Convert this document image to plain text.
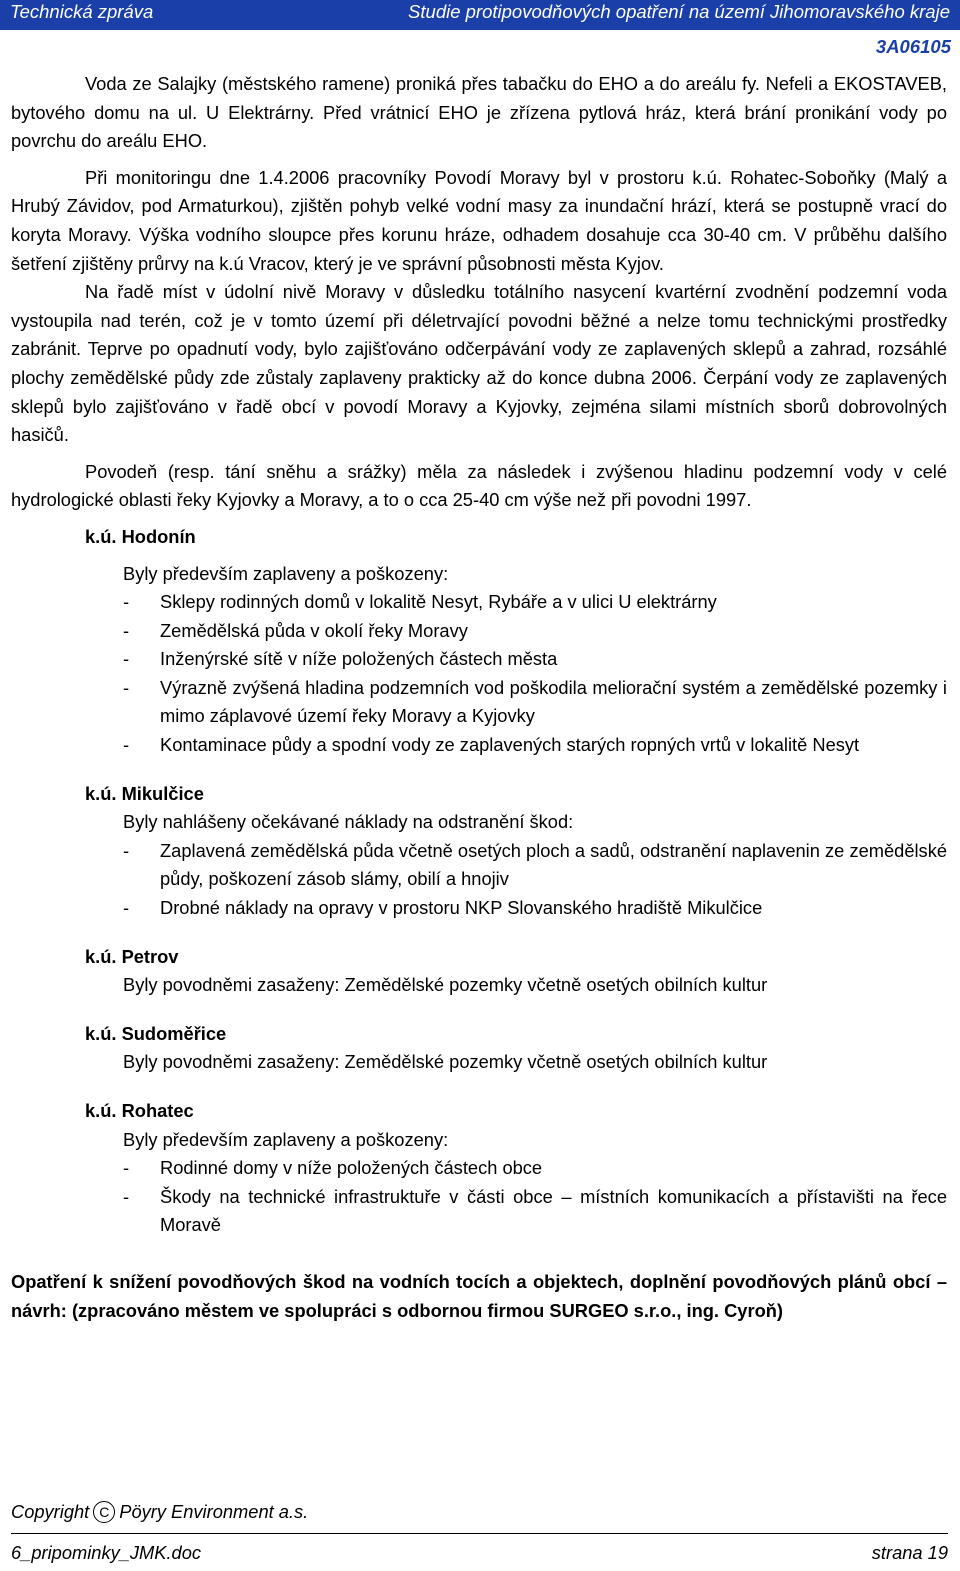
Technická zpráva	Studie protipovodňových opatření na území Jihomoravského kraje
3A06105

Voda ze Salajky (městského ramene) proniká přes tabačku do EHO a do areálu fy. Nefeli a EKOSTAVEB, bytového domu na ul. U Elektrárny. Před vrátnicí EHO je zřízena pytlová hráz, která brání pronikání vody po povrchu do areálu EHO.

Při monitoringu dne 1.4.2006 pracovníky Povodí Moravy byl v prostoru k.ú. Rohatec-Soboňky (Malý a Hrubý Závidov, pod Armaturkou), zjištěn pohyb velké vodní masy za inundační hrází, která se postupně vrací do koryta Moravy. Výška vodního sloupce přes korunu hráze, odhadem dosahuje cca 30-40 cm. V průběhu dalšího šetření zjištěny průrvy na k.ú Vracov, který je ve správní působnosti města Kyjov.

Na řadě míst v údolní nivě Moravy v důsledku totálního nasycení kvartérní zvodnění podzemní voda vystoupila nad terén, což je v tomto území při déletrvající povodni běžné a nelze tomu technickými prostředky zabránit. Teprve po opadnutí vody, bylo zajišťováno odčerpávání vody ze zaplavených sklepů a zahrad, rozsáhlé plochy zemědělské půdy zde zůstaly zaplaveny prakticky až do konce dubna 2006. Čerpání vody ze zaplavených sklepů bylo zajišťováno v řadě obcí v povodí Moravy a Kyjovky, zejména silami místních sborů dobrovolných hasičů.

Povodeň (resp. tání sněhu a srážky) měla za následek i zvýšenou hladinu podzemní vody v celé hydrologické oblasti řeky Kyjovky a Moravy, a to o cca 25-40 cm výše než při povodni 1997.

k.ú. Hodonín

Byly především zaplaveny a poškozeny:

- Sklepy rodinných domů v lokalitě Nesyt, Rybáře a v ulici U elektrárny
- Zemědělská půda v okolí řeky Moravy
- Inženýrské sítě v níže položených částech města
- Výrazně zvýšená hladina podzemních vod poškodila meliorační systém a zemědělské pozemky i mimo záplavové území řeky Moravy a Kyjovky
- Kontaminace půdy a spodní vody ze zaplavených starých ropných vrtů v lokalitě Nesyt

k.ú. Mikulčice

Byly nahlášeny očekávané náklady na odstranění škod:

- Zaplavená zemědělská půda včetně osetých ploch a sadů, odstranění naplavenin ze zemědělské půdy, poškození zásob slámy, obilí a hnojiv
- Drobné náklady na opravy v prostoru NKP Slovanského hradiště Mikulčice

k.ú. Petrov

Byly povodněmi zasaženy: Zemědělské pozemky včetně osetých obilních kultur

k.ú. Sudoměřice

Byly povodněmi zasaženy: Zemědělské pozemky včetně osetých obilních kultur

k.ú. Rohatec

Byly především zaplaveny a poškozeny:

- Rodinné domy v níže položených částech obce
- Škody na technické infrastruktuře v části obce – místních komunikacích a přístavišti na řece Moravě

Opatření k snížení povodňových škod na vodních tocích a objektech, doplnění povodňových plánů obcí – návrh: (zpracováno městem ve spolupráci s odbornou firmou SURGEO s.r.o., ing. Cyroň)

Copyright C Pöyry Environment a.s.
6_pripominky_JMK.doc	strana 19
